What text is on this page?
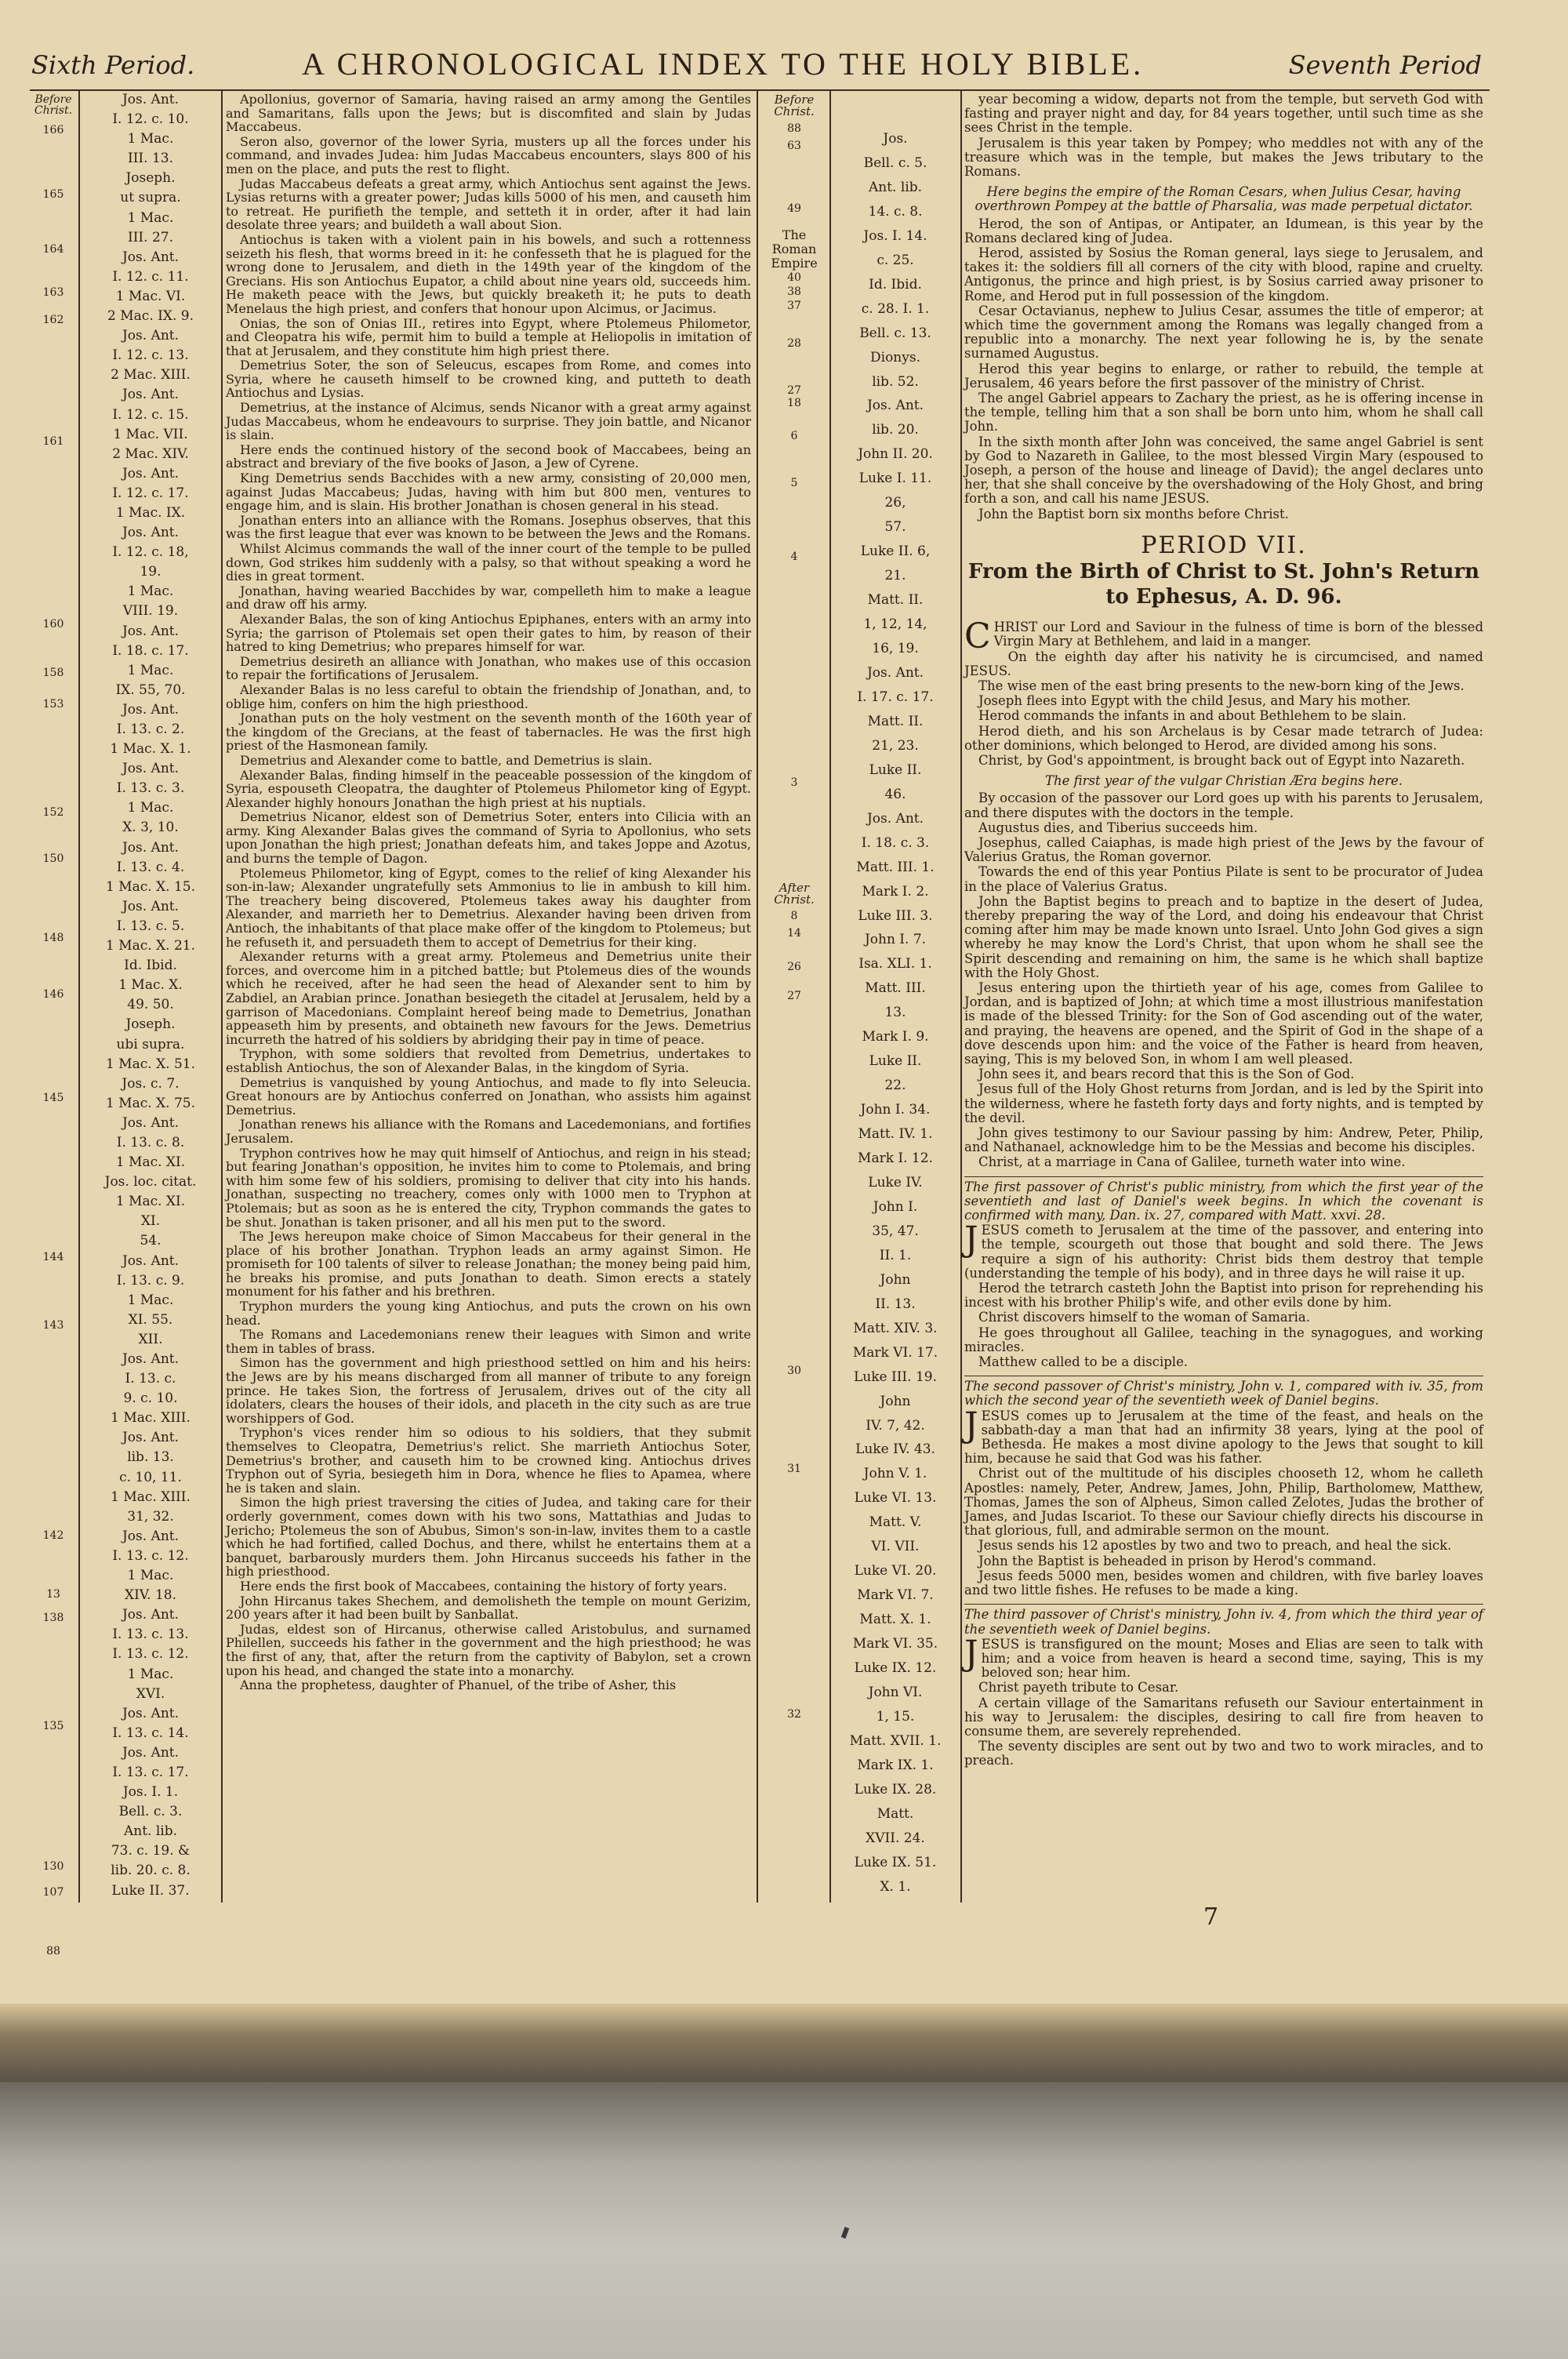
Sixth Period.	A CHRONOLOGICAL INDEX TO THE HOLY BIBLE.	Seventh Period
Before Christ.
166
165
164
163
162
161
160
158
153
152
150
148
146
145
144
143
142
13
138
135
130
107
88
Jos. Ant.
I. 12. c. 10.
1 Mac.
III. 13.
Joseph.
ut supra.
1 Mac.
III. 27.
Jos. Ant.
I. 12. c. 11.
1 Mac. VI.
2 Mac. IX. 9.
Jos. Ant.
I. 12. c. 13.
2 Mac. XIII.
Jos. Ant.
I. 12. c. 15.
1 Mac. VII.
2 Mac. XIV.
Jos. Ant.
I. 12. c. 17.
1 Mac. IX.
Jos. Ant.
I. 12. c. 18,
19.
1 Mac.
VIII. 19.
Jos. Ant.
I. 18. c. 17.
1 Mac.
IX. 55, 70.
Jos. Ant.
I. 13. c. 2.
1 Mac. X. 1.
Jos. Ant.
I. 13. c. 3.
1 Mac.
X. 3, 10.
Jos. Ant.
I. 13. c. 4.
1 Mac. X. 15.
Jos. Ant.
I. 13. c. 5.
1 Mac. X. 21.
Id. Ibid.
1 Mac. X.
49. 50.
Joseph.
ubi supra.
1 Mac. X. 51.
Jos. c. 7.
1 Mac. X. 75.
Jos. Ant.
I. 13. c. 8.
1 Mac. XI.
Jos. loc. citat.
1 Mac. XI.
XI.
54.
Jos. Ant.
I. 13. c. 9.
1 Mac.
XI. 55.
XII.
Jos. Ant.
I. 13. c.
9. c. 10.
1 Mac. XIII.
Jos. Ant.
lib. 13.
c. 10, 11.
1 Mac. XIII.
31, 32.
Jos. Ant.
I. 13. c. 12.
1 Mac.
XIV. 18.
Jos. Ant.
I. 13. c. 13.
I. 13. c. 12.
1 Mac.
XVI.
Jos. Ant.
I. 13. c. 14.
Jos. Ant.
I. 13. c. 17.
Jos. I. 1.
Bell. c. 3.
Ant. lib.
73. c. 19. &
lib. 20. c. 8.
Luke II. 37.

Apollonius, governor of Samaria, having raised an army among the Gentiles and Samaritans, falls upon the Jews; but is discomfited and slain by Judas Maccabeus.

Seron also, governor of the lower Syria, musters up all the forces under his command, and invades Judea: him Judas Maccabeus encounters, slays 800 of his men on the place, and puts the rest to flight.

Judas Maccabeus defeats a great army, which Antiochus sent against the Jews. Lysias returns with a greater power; Judas kills 5000 of his men, and causeth him to retreat. He purifieth the temple, and setteth it in order, after it had lain desolate three years; and buildeth a wall about Sion.

Antiochus is taken with a violent pain in his bowels, and such a rottenness seizeth his flesh, that worms breed in it: he confesseth that he is plagued for the wrong done to Jerusalem, and dieth in the 149th year of the kingdom of the Grecians. His son Antiochus Eupator, a child about nine years old, succeeds him. He maketh peace with the Jews, but quickly breaketh it; he puts to death Menelaus the high priest, and confers that honour upon Alcimus, or Jacimus.

Onias, the son of Onias III., retires into Egypt, where Ptolemeus Philometor, and Cleopatra his wife, permit him to build a temple at Heliopolis in imitation of that at Jerusalem, and they constitute him high priest there.

Demetrius Soter, the son of Seleucus, escapes from Rome, and comes into Syria, where he causeth himself to be crowned king, and putteth to death Antiochus and Lysias.

Demetrius, at the instance of Alcimus, sends Nicanor with a great army against Judas Maccabeus, whom he endeavours to surprise. They join battle, and Nicanor is slain.

Here ends the continued history of the second book of Maccabees, being an abstract and breviary of the five books of Jason, a Jew of Cyrene.

King Demetrius sends Bacchides with a new army, consisting of 20,000 men, against Judas Maccabeus; Judas, having with him but 800 men, ventures to engage him, and is slain. His brother Jonathan is chosen general in his stead.

Jonathan enters into an alliance with the Romans. Josephus observes, that this was the first league that ever was known to be between the Jews and the Romans.

Whilst Alcimus commands the wall of the inner court of the temple to be pulled down, God strikes him suddenly with a palsy, so that without speaking a word he dies in great torment.

Jonathan, having wearied Bacchides by war, compelleth him to make a league and draw off his army.

Alexander Balas, the son of king Antiochus Epiphanes, enters with an army into Syria; the garrison of Ptolemais set open their gates to him, by reason of their hatred to king Demetrius; who prepares himself for war.

Demetrius desireth an alliance with Jonathan, who makes use of this occasion to repair the fortifications of Jerusalem.

Alexander Balas is no less careful to obtain the friendship of Jonathan, and, to oblige him, confers on him the high priesthood.

Jonathan puts on the holy vestment on the seventh month of the 160th year of the kingdom of the Grecians, at the feast of tabernacles. He was the first high priest of the Hasmonean family.

Demetrius and Alexander come to battle, and Demetrius is slain.

Alexander Balas, finding himself in the peaceable possession of the kingdom of Syria, espouseth Cleopatra, the daughter of Ptolemeus Philometor king of Egypt. Alexander highly honours Jonathan the high priest at his nuptials.

Demetrius Nicanor, eldest son of Demetrius Soter, enters into Cilicia with an army. King Alexander Balas gives the command of Syria to Apollonius, who sets upon Jonathan the high priest; Jonathan defeats him, and takes Joppe and Azotus, and burns the temple of Dagon.

Ptolemeus Philometor, king of Egypt, comes to the relief of king Alexander his son-in-law; Alexander ungratefully sets Ammonius to lie in ambush to kill him. The treachery being discovered, Ptolemeus takes away his daughter from Alexander, and marrieth her to Demetrius. Alexander having been driven from Antioch, the inhabitants of that place make offer of the kingdom to Ptolemeus; but he refuseth it, and persuadeth them to accept of Demetrius for their king.

Alexander returns with a great army. Ptolemeus and Demetrius unite their forces, and overcome him in a pitched battle; but Ptolemeus dies of the wounds which he received, after he had seen the head of Alexander sent to him by Zabdiel, an Arabian prince. Jonathan besiegeth the citadel at Jerusalem, held by a garrison of Macedonians. Complaint hereof being made to Demetrius, Jonathan appeaseth him by presents, and obtaineth new favours for the Jews. Demetrius incurreth the hatred of his soldiers by abridging their pay in time of peace.

Tryphon, with some soldiers that revolted from Demetrius, undertakes to establish Antiochus, the son of Alexander Balas, in the kingdom of Syria.

Demetrius is vanquished by young Antiochus, and made to fly into Seleucia. Great honours are by Antiochus conferred on Jonathan, who assists him against Demetrius.

Jonathan renews his alliance with the Romans and Lacedemonians, and fortifies Jerusalem.

Tryphon contrives how he may quit himself of Antiochus, and reign in his stead; but fearing Jonathan's opposition, he invites him to come to Ptolemais, and bring with him some few of his soldiers, promising to deliver that city into his hands. Jonathan, suspecting no treachery, comes only with 1000 men to Tryphon at Ptolemais; but as soon as he is entered the city, Tryphon commands the gates to be shut. Jonathan is taken prisoner, and all his men put to the sword.

The Jews hereupon make choice of Simon Maccabeus for their general in the place of his brother Jonathan. Tryphon leads an army against Simon. He promiseth for 100 talents of silver to release Jonathan; the money being paid him, he breaks his promise, and puts Jonathan to death. Simon erects a stately monument for his father and his brethren.

Tryphon murders the young king Antiochus, and puts the crown on his own head.

The Romans and Lacedemonians renew their leagues with Simon and write them in tables of brass.

Simon has the government and high priesthood settled on him and his heirs: the Jews are by his means discharged from all manner of tribute to any foreign prince. He takes Sion, the fortress of Jerusalem, drives out of the city all idolaters, clears the houses of their idols, and placeth in the city such as are true worshippers of God.

Tryphon's vices render him so odious to his soldiers, that they submit themselves to Cleopatra, Demetrius's relict. She marrieth Antiochus Soter, Demetrius's brother, and causeth him to be crowned king. Antiochus drives Tryphon out of Syria, besiegeth him in Dora, whence he flies to Apamea, where he is taken and slain.

Simon the high priest traversing the cities of Judea, and taking care for their orderly government, comes down with his two sons, Mattathias and Judas to Jericho; Ptolemeus the son of Abubus, Simon's son-in-law, invites them to a castle which he had fortified, called Dochus, and there, whilst he entertains them at a banquet, barbarously murders them. John Hircanus succeeds his father in the high priesthood.

Here ends the first book of Maccabees, containing the history of forty years.

John Hircanus takes Shechem, and demolisheth the temple on mount Gerizim, 200 years after it had been built by Sanballat.

Judas, eldest son of Hircanus, otherwise called Aristobulus, and surnamed Philellen, succeeds his father in the government and the high priesthood; he was the first of any, that, after the return from the captivity of Babylon, set a crown upon his head, and changed the state into a monarchy.

Anna the prophetess, daughter of Phanuel, of the tribe of Asher, this

Before Christ.
88
63
49
The
Roman
Empire
40
38
37
28
27
18
6
5
4
3
After Christ.
8
14
26
27
30
31
32
Jos.
Bell. c. 5.
Ant. lib.
14. c. 8.
Jos. I. 14.
c. 25.
Id. Ibid.
c. 28. I. 1.
Bell. c. 13.
Dionys.
lib. 52.
Jos. Ant.
lib. 20.
John II. 20.
Luke I. 11.
26,
57.
Luke II. 6,
21.
Matt. II.
1, 12, 14,
16, 19.
Jos. Ant.
I. 17. c. 17.
Matt. II.
21, 23.
Luke II.
46.
Jos. Ant.
I. 18. c. 3.
Matt. III. 1.
Mark I. 2.
Luke III. 3.
John I. 7.
Isa. XLI. 1.
Matt. III.
13.
Mark I. 9.
Luke II.
22.
John I. 34.
Matt. IV. 1.
Mark I. 12.
Luke IV.
John I.
35, 47.
II. 1.
John
II. 13.
Matt. XIV. 3.
Mark VI. 17.
Luke III. 19.
John
IV. 7, 42.
Luke IV. 43.
John V. 1.
Luke VI. 13.
Matt. V.
VI. VII.
Luke VI. 20.
Mark VI. 7.
Matt. X. 1.
Mark VI. 35.
Luke IX. 12.
John VI.
1, 15.
Matt. XVII. 1.
Mark IX. 1.
Luke IX. 28.
Matt.
XVII. 24.
Luke IX. 51.
X. 1.

year becoming a widow, departs not from the temple, but serveth God with fasting and prayer night and day, for 84 years together, until such time as she sees Christ in the temple.

Jerusalem is this year taken by Pompey; who meddles not with any of the treasure which was in the temple, but makes the Jews tributary to the Romans.

Here begins the empire of the Roman Cesars, when Julius Cesar, having overthrown Pompey at the battle of Pharsalia, was made perpetual dictator.

Herod, the son of Antipas, or Antipater, an Idumean, is this year by the Romans declared king of Judea.

Herod, assisted by Sosius the Roman general, lays siege to Jerusalem, and takes it: the soldiers fill all corners of the city with blood, rapine and cruelty. Antigonus, the prince and high priest, is by Sosius carried away prisoner to Rome, and Herod put in full possession of the kingdom.

Cesar Octavianus, nephew to Julius Cesar, assumes the title of emperor; at which time the government among the Romans was legally changed from a republic into a monarchy. The next year following he is, by the senate surnamed Augustus.

Herod this year begins to enlarge, or rather to rebuild, the temple at Jerusalem, 46 years before the first passover of the ministry of Christ.

The angel Gabriel appears to Zachary the priest, as he is offering incense in the temple, telling him that a son shall be born unto him, whom he shall call John.

In the sixth month after John was conceived, the same angel Gabriel is sent by God to Nazareth in Galilee, to the most blessed Virgin Mary (espoused to Joseph, a person of the house and lineage of David); the angel declares unto her, that she shall conceive by the overshadowing of the Holy Ghost, and bring forth a son, and call his name JESUS.

John the Baptist born six months before Christ.

PERIOD VII.
From the Birth of Christ to St. John's Return to Ephesus, A. D. 96.

CHRIST our Lord and Saviour in the fulness of time is born of the blessed Virgin Mary at Bethlehem, and laid in a manger.

On the eighth day after his nativity he is circumcised, and named JESUS.

The wise men of the east bring presents to the new-born king of the Jews.

Joseph flees into Egypt with the child Jesus, and Mary his mother.

Herod commands the infants in and about Bethlehem to be slain.

Herod dieth, and his son Archelaus is by Cesar made tetrarch of Judea: other dominions, which belonged to Herod, are divided among his sons.

Christ, by God's appointment, is brought back out of Egypt into Nazareth.

The first year of the vulgar Christian Æra begins here.

By occasion of the passover our Lord goes up with his parents to Jerusalem, and there disputes with the doctors in the temple.

Augustus dies, and Tiberius succeeds him.

Josephus, called Caiaphas, is made high priest of the Jews by the favour of Valerius Gratus, the Roman governor.

Towards the end of this year Pontius Pilate is sent to be procurator of Judea in the place of Valerius Gratus.

John the Baptist begins to preach and to baptize in the desert of Judea, thereby preparing the way of the Lord, and doing his endeavour that Christ coming after him may be made known unto Israel. Unto John God gives a sign whereby he may know the Lord's Christ, that upon whom he shall see the Spirit descending and remaining on him, the same is he which shall baptize with the Holy Ghost.

Jesus entering upon the thirtieth year of his age, comes from Galilee to Jordan, and is baptized of John; at which time a most illustrious manifestation is made of the blessed Trinity: for the Son of God ascending out of the water, and praying, the heavens are opened, and the Spirit of God in the shape of a dove descends upon him: and the voice of the Father is heard from heaven, saying, This is my beloved Son, in whom I am well pleased.

John sees it, and bears record that this is the Son of God.

Jesus full of the Holy Ghost returns from Jordan, and is led by the Spirit into the wilderness, where he fasteth forty days and forty nights, and is tempted by the devil.

John gives testimony to our Saviour passing by him: Andrew, Peter, Philip, and Nathanael, acknowledge him to be the Messias and become his disciples.

Christ, at a marriage in Cana of Galilee, turneth water into wine.

The first passover of Christ's public ministry, from which the first year of the seventieth and last of Daniel's week begins. In which the covenant is confirmed with many, Dan. ix. 27, compared with Matt. xxvi. 28.

JESUS cometh to Jerusalem at the time of the passover, and entering into the temple, scourgeth out those that bought and sold there. The Jews require a sign of his authority: Christ bids them destroy that temple (understanding the temple of his body), and in three days he will raise it up.

Herod the tetrarch casteth John the Baptist into prison for reprehending his incest with his brother Philip's wife, and other evils done by him.

Christ discovers himself to the woman of Samaria.

He goes throughout all Galilee, teaching in the synagogues, and working miracles.

Matthew called to be a disciple.

The second passover of Christ's ministry, John v. 1, compared with iv. 35, from which the second year of the seventieth week of Daniel begins.

JESUS comes up to Jerusalem at the time of the feast, and heals on the sabbath-day a man that had an infirmity 38 years, lying at the pool of Bethesda. He makes a most divine apology to the Jews that sought to kill him, because he said that God was his father.

Christ out of the multitude of his disciples chooseth 12, whom he calleth Apostles: namely, Peter, Andrew, James, John, Philip, Bartholomew, Matthew, Thomas, James the son of Alpheus, Simon called Zelotes, Judas the brother of James, and Judas Iscariot. To these our Saviour chiefly directs his discourse in that glorious, full, and admirable sermon on the mount.

Jesus sends his 12 apostles by two and two to preach, and heal the sick.

John the Baptist is beheaded in prison by Herod's command.

Jesus feeds 5000 men, besides women and children, with five barley loaves and two little fishes. He refuses to be made a king.

The third passover of Christ's ministry, John iv. 4, from which the third year of the seventieth week of Daniel begins.

JESUS is transfigured on the mount; Moses and Elias are seen to talk with him; and a voice from heaven is heard a second time, saying, This is my beloved son; hear him.

Christ payeth tribute to Cesar.

A certain village of the Samaritans refuseth our Saviour entertainment in his way to Jerusalem: the disciples, desiring to call fire from heaven to consume them, are severely reprehended.

The seventy disciples are sent out by two and two to work miracles, and to preach.

7
